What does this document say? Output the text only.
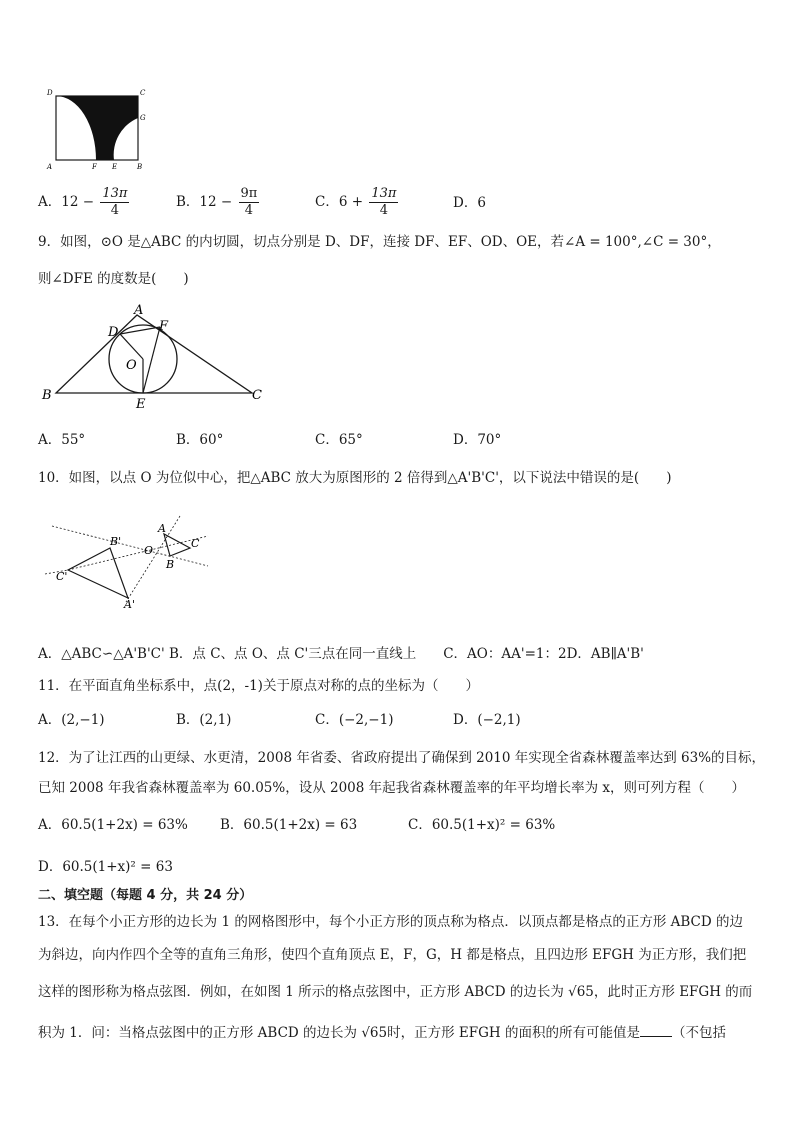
D	C
G
A	F E	B
A．$12 - \frac{13\pi}{4}$	B．$12 - \frac{9\pi}{4}$	C．$6 + \frac{13\pi}{4}$	D．6
9．如图，⊙O 是△ABC 的内切圆，切点分别是 D、DF，连接 DF、EF、OD、OE，若∠A = 100°,∠C = 30°，
则∠DFE 的度数是(　　)
A
D	F
O
B
E
C
A．55°	B．60°	C．65°	D．70°
10．如图，以点 O 为位似中心，把△ABC 放大为原图形的 2 倍得到△A'B'C'，以下说法中错误的是(　　)
A
O
B
C
A'
B'
C'
A．△ABC∽△A'B'C' B．点 C、点 O、点 C'三点在同一直线上　　C．AO：AA'=1：2D．AB∥A'B'
11．在平面直角坐标系中，点(2，-1)关于原点对称的点的坐标为（　　）
A．(2,−1)	B．(2,1)	C．(−2,−1)	D．(−2,1)
12．为了让江西的山更绿、水更清，2008 年省委、省政府提出了确保到 2010 年实现全省森林覆盖率达到 63%的目标，
已知 2008 年我省森林覆盖率为 60.05%，设从 2008 年起我省森林覆盖率的年平均增长率为 x，则可列方程（　　）
A．60.5(1+2x) = 63% B．60.5(1+2x) = 63	C．60.5(1+x)² = 63%
D．60.5(1+x)² = 63
二、填空题（每题 4 分，共 24 分）
13．在每个小正方形的边长为 1 的网格图形中，每个小正方形的顶点称为格点．以顶点都是格点的正方形 ABCD 的边
为斜边，向内作四个全等的直角三角形，使四个直角顶点 E，F，G，H 都是格点，且四边形 EFGH 为正方形，我们把
这样的图形称为格点弦图．例如，在如图 1 所示的格点弦图中，正方形 ABCD 的边长为 √65，此时正方形 EFGH 的而
积为 1．问：当格点弦图中的正方形 ABCD 的边长为 √65时，正方形 EFGH 的面积的所有可能值是 （不包括
